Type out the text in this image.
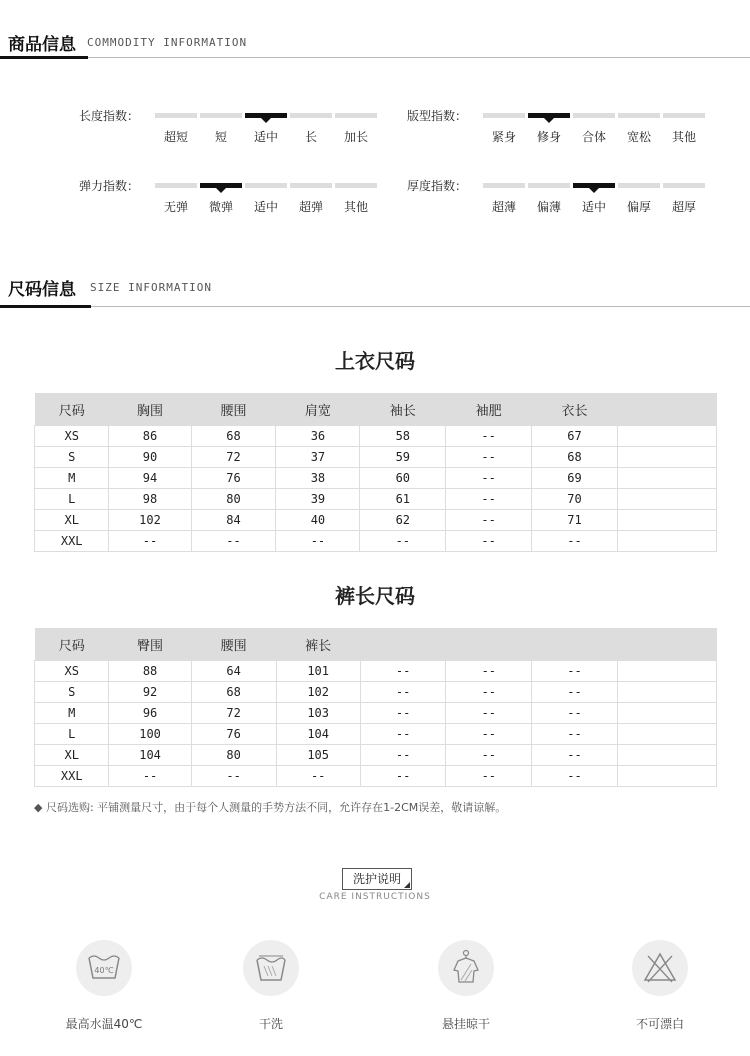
商品信息 COMMODITY INFORMATION
长度指数：
超短	短	适中	长	加长
版型指数：
紧身	修身	合体	宽松	其他
弹力指数：
无弹	微弹	适中	超弹	其他
厚度指数：
超薄	偏薄	适中	偏厚	超厚
尺码信息 SIZE INFORMATION
上衣尺码
尺码	胸围	腰围	肩宽	袖长	袖肥	衣长	
XS	86	68	36	58	--	67	
S	90	72	37	59	--	68	
M	94	76	38	60	--	69	
L	98	80	39	61	--	70	
XL	102	84	40	62	--	71	
XXL	--	--	--	--	--	--	
裤长尺码
尺码	臀围	腰围	裤长				
XS	88	64	101	--	--	--	
S	92	68	102	--	--	--	
M	96	72	103	--	--	--	
L	100	76	104	--	--	--	
XL	104	80	105	--	--	--	
XXL	--	--	--	--	--	--	
◆ 尺码选购: 平铺测量尺寸，由于每个人测量的手势方法不同，允许存在1-2CM误差，敬请谅解。
洗护说明
CARE INSTRUCTIONS
40℃
最高水温40℃	干洗	悬挂晾干	不可漂白
